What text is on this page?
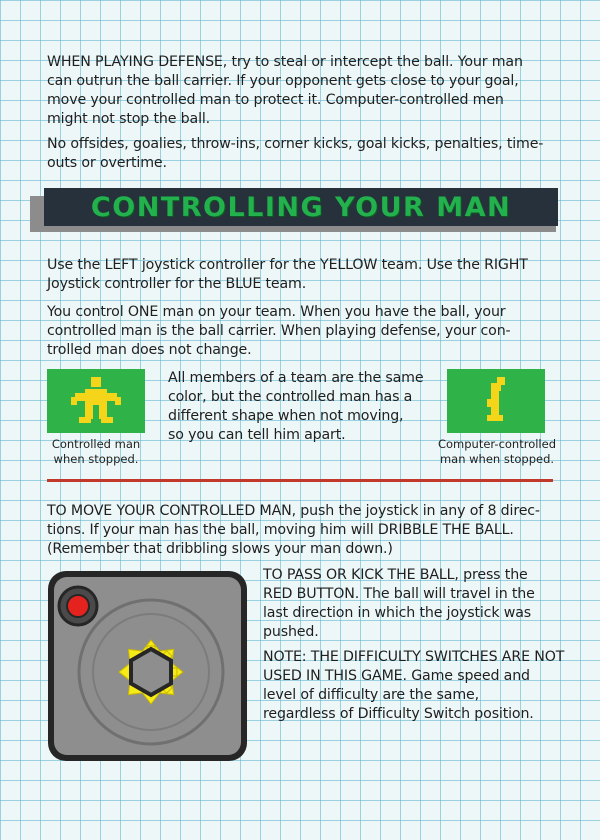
WHEN PLAYING DEFENSE, try to steal or intercept the ball. Your man
can outrun the ball carrier. If your opponent gets close to your goal,
move your controlled man to protect it. Computer-controlled men
might not stop the ball.

No offsides, goalies, throw-ins, corner kicks, goal kicks, penalties, time-
outs or overtime.

CONTROLLING YOUR MAN

Use the LEFT joystick controller for the YELLOW team. Use the RIGHT
Joystick controller for the BLUE team.

You control ONE man on your team. When you have the ball, your
controlled man is the ball carrier. When playing defense, your con-
trolled man does not change.

Controlled man
when stopped.

All members of a team are the same
color, but the controlled man has a
different shape when not moving,
so you can tell him apart.

Computer-controlled
man when stopped.

TO MOVE YOUR CONTROLLED MAN, push the joystick in any of 8 direc-
tions. If your man has the ball, moving him will DRIBBLE THE BALL.
(Remember that dribbling slows your man down.)

TO PASS OR KICK THE BALL, press the
RED BUTTON. The ball will travel in the
last direction in which the joystick was
pushed.

NOTE: THE DIFFICULTY SWITCHES ARE NOT
USED IN THIS GAME. Game speed and
level of difficulty are the same,
regardless of Difficulty Switch position.
